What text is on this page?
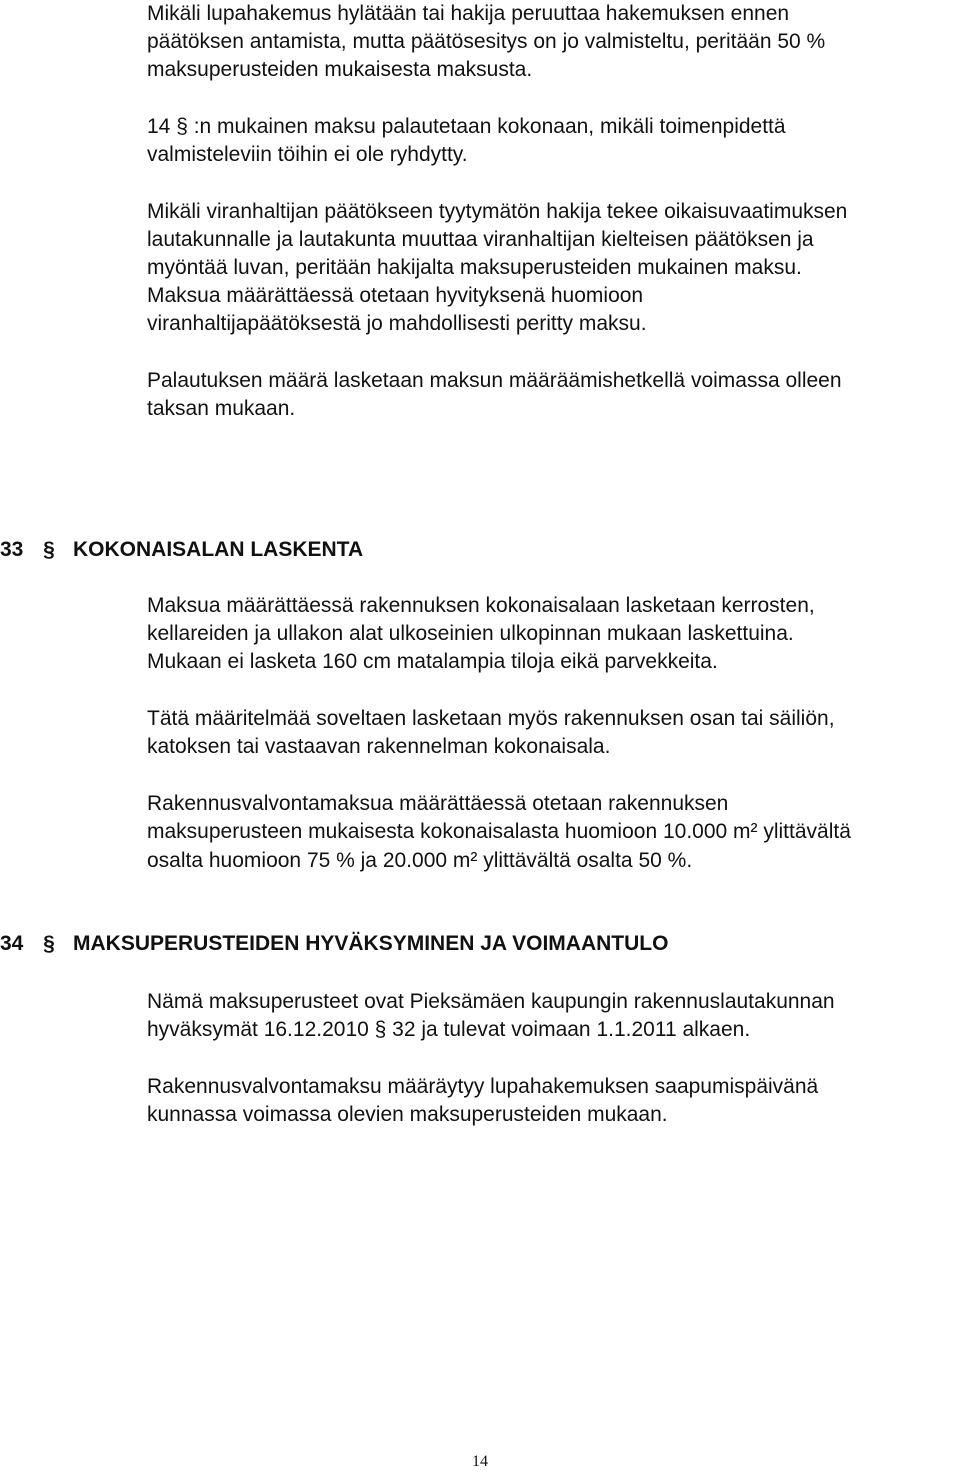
Mikäli lupahakemus hylätään tai hakija peruuttaa hakemuksen ennen
päätöksen antamista, mutta päätösesitys on jo valmisteltu, peritään 50 %
maksuperusteiden mukaisesta maksusta.
14 § :n mukainen maksu palautetaan kokonaan, mikäli toimenpidettä
valmisteleviin töihin ei ole ryhdytty.
Mikäli viranhaltijan päätökseen tyytymätön hakija tekee oikaisuvaatimuksen
lautakunnalle ja lautakunta muuttaa viranhaltijan kielteisen päätöksen ja
myöntää luvan, peritään hakijalta maksuperusteiden mukainen maksu.
Maksua määrättäessä otetaan hyvityksenä huomioon
viranhaltijapäätöksestä jo mahdollisesti peritty maksu.
Palautuksen määrä lasketaan maksun määräämishetkellä voimassa olleen
taksan mukaan.
33 § KOKONAISALAN LASKENTA
Maksua määrättäessä rakennuksen kokonaisalaan lasketaan kerrosten,
kellareiden ja ullakon alat ulkoseinien ulkopinnan mukaan laskettuina.
Mukaan ei lasketa 160 cm matalampia tiloja eikä parvekkeita.
Tätä määritelmää soveltaen lasketaan myös rakennuksen osan tai säiliön,
katoksen tai vastaavan rakennelman kokonaisala.
Rakennusvalvontamaksua määrättäessä otetaan rakennuksen
maksuperusteen mukaisesta kokonaisalasta huomioon 10.000 m² ylittävältä
osalta huomioon 75 % ja 20.000 m² ylittävältä osalta 50 %.
34 § MAKSUPERUSTEIDEN HYVÄKSYMINEN JA VOIMAANTULO
Nämä maksuperusteet ovat Pieksämäen kaupungin rakennuslautakunnan
hyväksymät 16.12.2010 § 32 ja tulevat voimaan 1.1.2011 alkaen.
Rakennusvalvontamaksu määräytyy lupahakemuksen saapumispäivänä
kunnassa voimassa olevien maksuperusteiden mukaan.
14
